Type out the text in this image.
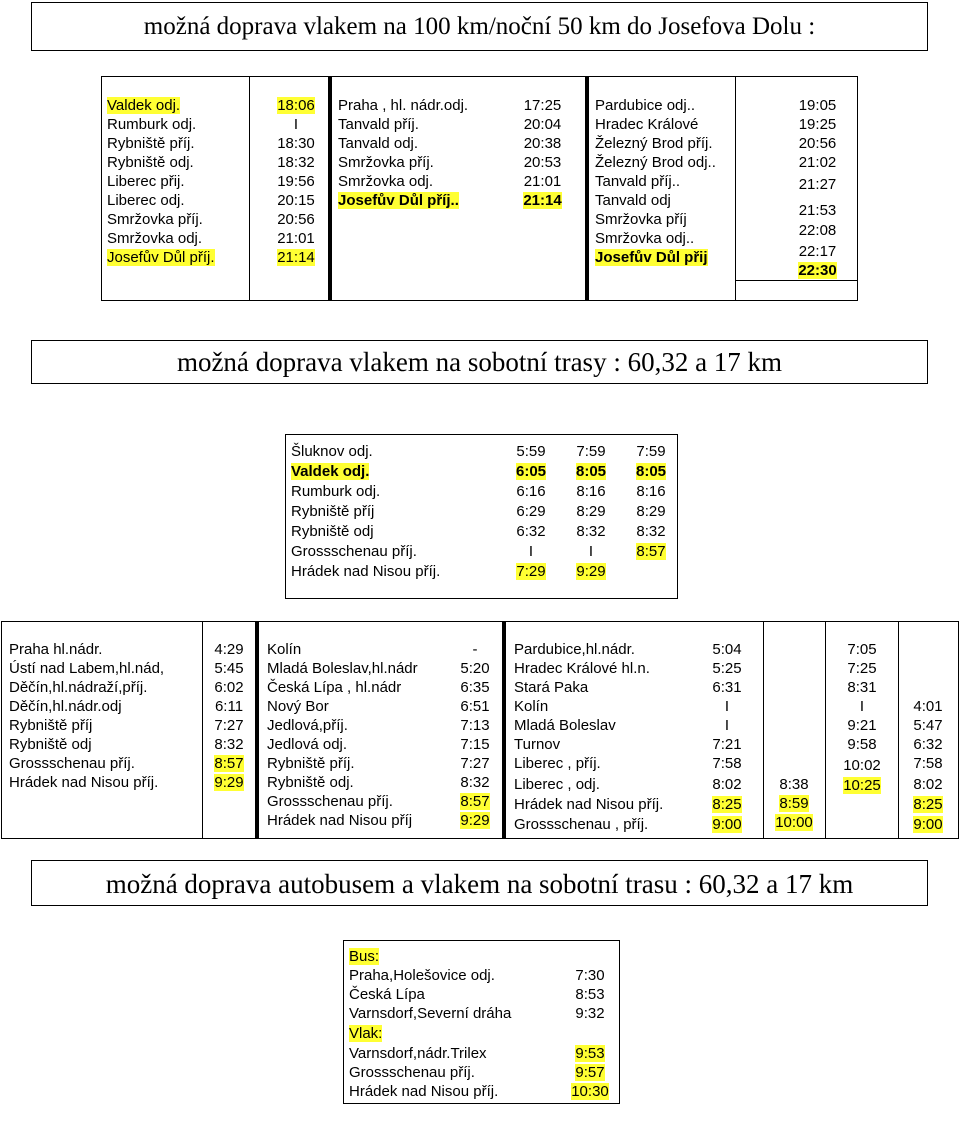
možná doprava vlakem na 100 km/noční 50 km do Josefova Dolu :
Valdek odj.
Rumburk odj.
Rybniště příj.
Rybniště odj.
Liberec přij.
Liberec odj.
Smržovka příj.
Smržovka odj.
Josefův Důl příj.
18:06
I
18:30
18:32
19:56
20:15
20:56
21:01
21:14
Praha , hl. nádr.odj.
Tanvald příj.
Tanvald odj.
Smržovka příj.
Smržovka odj.
Josefův Důl příj..
17:25
20:04
20:38
20:53
21:01
21:14
Pardubice odj..
Hradec Králové
Železný Brod příj.
Železný Brod odj..
Tanvald příj..
Tanvald odj
Smržovka příj
Smržovka odj..
Josefův Důl přij
19:05
19:25
20:56
21:02
21:27
21:53
22:08
22:17
22:30
možná doprava vlakem na sobotní trasy : 60,32 a 17 km
Šluknov odj.
Valdek odj.
Rumburk odj.
Rybniště příj
Rybniště odj
Grossschenau příj.
Hrádek nad Nisou příj.
5:59
6:05
6:16
6:29
6:32
I
7:29
7:59
8:05
8:16
8:29
8:32
I
9:29
7:59
8:05
8:16
8:29
8:32
8:57
Praha hl.nádr.
Ústí nad Labem,hl.nád,
Děčín,hl.nádraží,příj.
Děčín,hl.nádr.odj
Rybniště příj
Rybniště odj
Grossschenau příj.
Hrádek nad Nisou příj.
4:29
5:45
6:02
6:11
7:27
8:32
8:57
9:29
Kolín
Mladá Boleslav,hl.nádr
Česká Lípa , hl.nádr
Nový Bor
Jedlová,příj.
Jedlová odj.
Rybniště příj.
Rybniště odj.
Grossschenau příj.
Hrádek nad Nisou příj
-
5:20
6:35
6:51
7:13
7:15
7:27
8:32
8:57
9:29
Pardubice,hl.nádr.
Hradec Králové hl.n.
Stará Paka
Kolín
Mladá Boleslav
Turnov
Liberec , příj.
Liberec , odj.
Hrádek nad Nisou příj.
Grossschenau , příj.
5:04
5:25
6:31
I
I
7:21
7:58
8:02
8:25
9:00
8:38
8:59
10:00
7:05
7:25
8:31
I
9:21
9:58
10:02
10:25
4:01
5:47
6:32
7:58
8:02
8:25
9:00
možná doprava autobusem a vlakem na sobotní trasu : 60,32 a 17 km
Bus:
Praha,Holešovice odj.
Česká Lípa
Varnsdorf,Severní dráha
Vlak:
Varnsdorf,nádr.Trilex
Grossschenau příj.
Hrádek nad Nisou příj.
7:30
8:53
9:32
9:53
9:57
10:30
